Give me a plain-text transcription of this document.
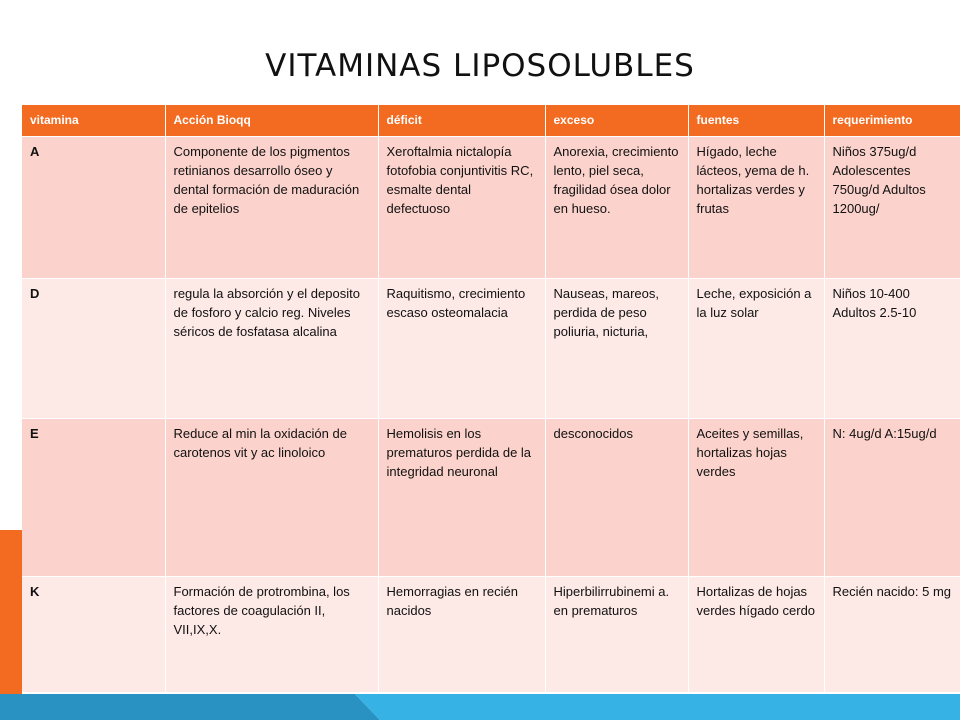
VITAMINAS LIPOSOLUBLES
vitamina	Acción Bioqq	déficit	exceso	fuentes	requerimiento
A	Componente de los pigmentos retinianos desarrollo óseo y dental formación de maduración de epitelios	Xeroftalmia nictalopía fotofobia conjuntivitis RC, esmalte dental defectuoso	Anorexia, crecimiento lento, piel seca, fragilidad ósea dolor en hueso.	Hígado, leche lácteos, yema de h. hortalizas verdes y frutas	Niños 375ug/d Adolescentes 750ug/d Adultos 1200ug/
D	regula la absorción y el deposito de fosforo y calcio reg. Niveles séricos de fosfatasa alcalina	Raquitismo, crecimiento escaso osteomalacia	Nauseas, mareos, perdida de peso poliuria, nicturia,	Leche, exposición a la luz solar	Niños 10-400 Adultos 2.5-10
E	Reduce al min la oxidación de carotenos vit y ac linoloico	Hemolisis en los prematuros perdida de la integridad neuronal	desconocidos	Aceites y semillas, hortalizas hojas verdes	N: 4ug/d A:15ug/d
K	Formación de protrombina, los factores de coagulación II, VII,IX,X.	Hemorragias en recién nacidos	Hiperbilirrubinemi a. en prematuros	Hortalizas de hojas verdes hígado cerdo	Recién nacido: 5 mg
